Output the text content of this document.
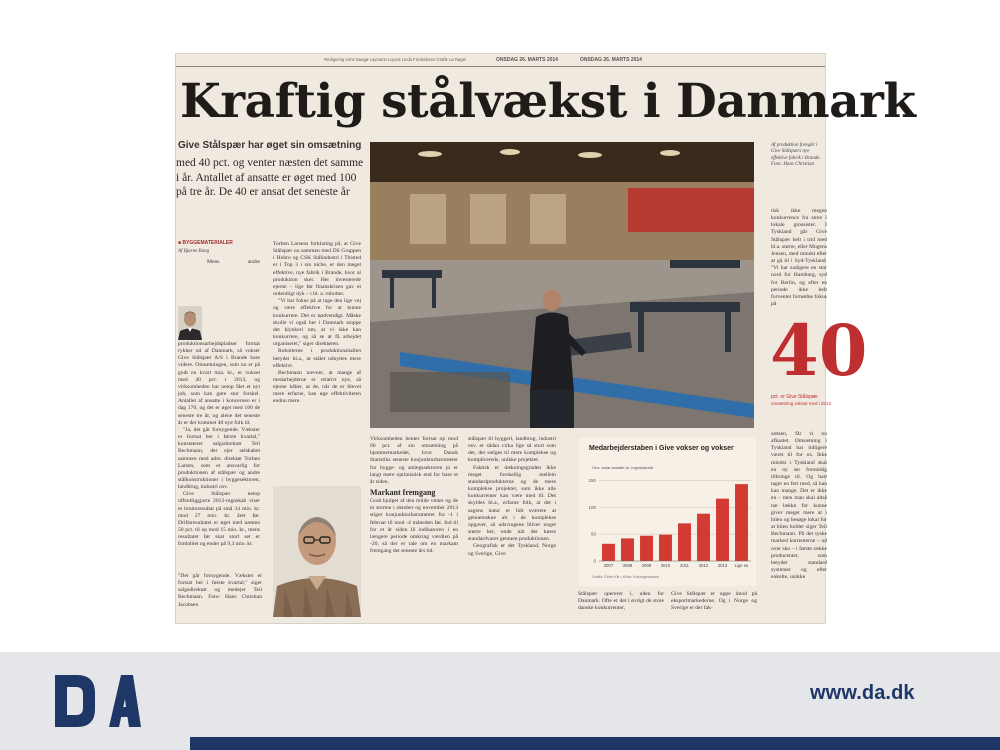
Redigering Anne Baagø Laymann Layout Linda Frederiksen Grafik Lø Røgel	ONSDAG 26. MARTS 2014	ONSDAG 26. MARTS 2014
Kraftig stålvækst i Danmark
Give Stålspær har øget sin omsætning
med 40 pct. og venter næsten det samme i år. Antallet af ansatte er øget med 100 på tre år. De 40 er ansat det seneste år
■ BYGGEMATERIALER
Af Bjarne Bang

Mens andre produktionsarbejdspladser fortsat rykker ud af Danmark, så vokser Give Stålspær A/S i Brande bare videre. Omsætningen, som nu er på godt en kvart mia. kr., er vokset med 40 pct. i 2013, og virksomheden har netop fået et nyt job, som kan gøre stor forskel. Antallet af ansatte i koncernen er i dag 170, og det er øget med 100 de seneste tre år, og alene det seneste år er der kommet 40 nye folk til.

"Ja, det går fornygende. Vækster er fortsat her i første kvartal," konstaterer salgsdirektør Teil Bechmann, der ejer selskabet sammen med adm. direktør Torben Larsen, som er ansvarlig for produktionen af stålspær og andre stålkonstruktioner i byggesektoren, landbrug, industri osv.

Give Stålspær netop offentliggjorte 2013-regnskab viser et bruttoresultat på små 34 mio. kr. mod 27 mio. kr. året før. Driftsresultatet er øget med næsten 50 pct. til op mod 15 mio. kr., mens resultatet før skat stort set er fordoblet og ender på 9,3 mio. kr.

"Det går fornygende. Vækster er fortsat her i første kvartal," siger salgsdirektør og medejer Teil Bechmann. Foto: Hans Christian Jacobsen

Torben Larsens forklaring på, at Give Stålspær nu sammen med DS Gruppen i Hobro og CSK Stålindustri i Thisted er i Top 3 i sin niche, er den meget effektive, nye fabrik i Brande, hvor al produktion sker. Her investerede ejerne – lige før finanskrisen gav et ordentligt dyk – i bl. a. robotter.

"Vi har fokus på at tage den lige vej og være effektive for at kunne konkurrere. Det er nødvendigt. Måske skulle vi også her i Danmark stoppe det klynkeri om, at vi ikke kan konkurrere, og så se at få arbejdet organiseret," siger direktøren.

Robotterne i produktionshallen betyder bl.a., at stålet udnyttes mere effektivt.

Bechmann nævner, at mange af medarbejderne er relativt nye, så ejerne håber, at de, når de er blevet mere erfarne, kan øge effektiviteten endnu mere.

Virksomheden henter fortsat op mod 60 pct. af sin omsætning på hjemmemarkedet, hvor Dansk Statistiks seneste konjunkturbarometer for bygge- og anlægssektoren jo er langt mere optimistisk end for bare et år siden.

Markant fremgang

Godt hjulpet af den milde vinter og de to storme i oktober og november 2013 stiger konjunkturbarometret fra -1 i februar til mod -4 måneden før. Ind til for et år siden lå indikatoren i en længere periode omkring værdien på -20, så der er tale om en markant fremgang det seneste års tid.

stålspær til byggeri, landbrug, industri osv. er sådan cirka lige så stort som det, der sælges til mere komplekse og komplicerede, unikke projekter.

Faktisk er dækningsgraden ikke meget forskellig mellem standardprodukterne og de mere komplekse projekter, som ikke alle konkurrenter kan være med til. Det skyldes bl.a., erfarne folk, at det i sagens natur er lidt sværere at gennemskue alt i de komplekse opgaver, så udsvingene bliver noget større her, ende når der køres standardvarer gennem produktionen.

Geografisk er det Tyskland, Norge og Sverige, Give

Medarbejderstaben i Give vokser og vokser
Gns. antal ansatte pr. regnskabsår
0
50
100
150
2007 2008 2009 2010 2011 2012 2013 Lige nu
Grafik: Ebbe Klit • Kilde: Kreaagentasen
Stålspær opererer i, uden for Danmark. Ofte er det i øvrigt de store danske konkurrenter,
Give Stålspær er oppe imod på eksportmarkederne. Og i Norge og Sverige er der fak-
Af produktion foregår i Give Stålspærs nye effektive fabrik i Brande. Foto: Hans Christian
tisk ikke megen konkurrence fra store i lokale grossister. I Tyskland går Give Stålspær helt i trid med bl.a. større, eller Mogens Jensen, med mindst efter at gå til i Syd-Tyskland. "Vi har sadigere en stor nord for Hamburg, syd for Berlin, og efter en periode ikke helt forventet fornødne fokus på
40
pct. er Give Stålspær
omsætning vokset med i 2013
sætsen, får vi nu afkastet. Omsætning i Tyskland bar tidligere været til for os. Ikke mindst i Tyskland skal en ny ser fremtidig tilbringe til. Og hart tager en fert med, så han kan mange. Det er ikke en – men man skal altså næ lække for kunne giver meget mere at i bilen og besøge lokal for at bilen holder siger Teil Bechmann. På det tyske marked kurrenterne – ud over sko – i første række producenter, som betyder standard systemer og efter enkelte, unikke
www.da.dk
